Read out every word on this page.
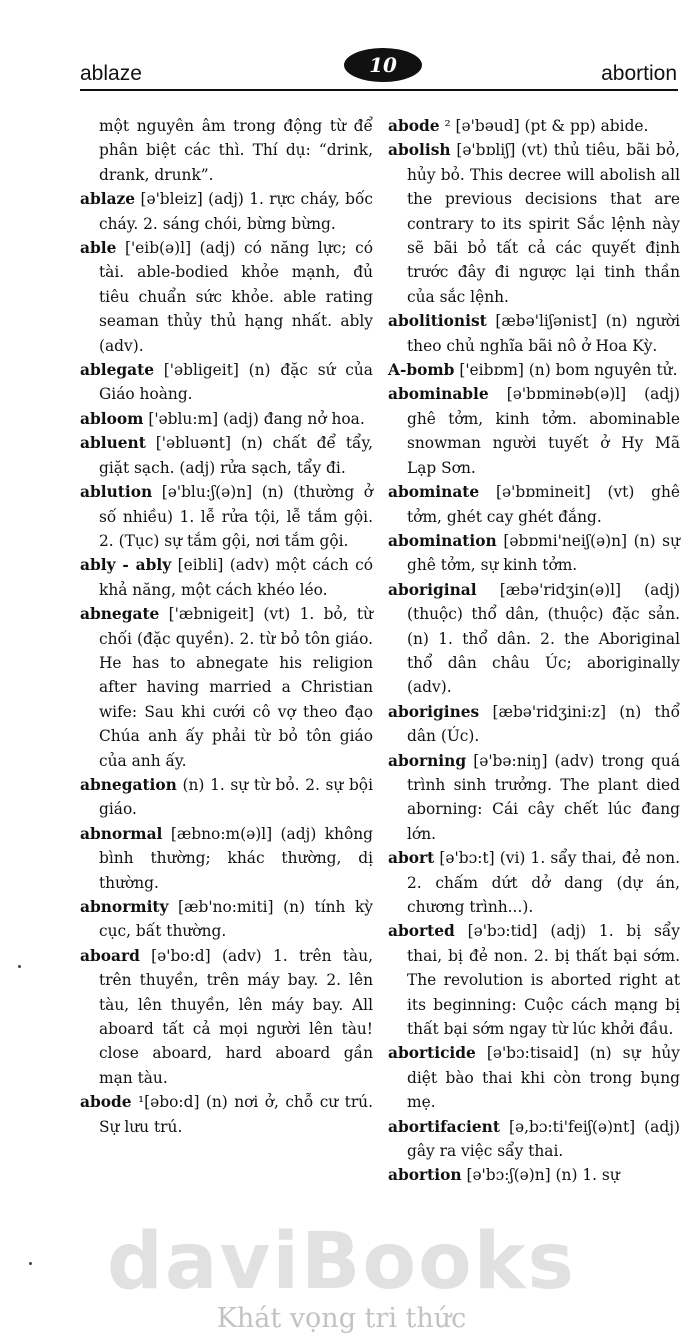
ablaze	10	abortion

một nguyên âm trong động từ để phân biệt các thì. Thí dụ: “drink, drank, drunk”.

ablaze [ə'bleiz] (adj) 1. rực cháy, bốc cháy. 2. sáng chói, bừng bừng.

able ['eib(ə)l] (adj) có năng lực; có tài. able-bodied khỏe mạnh, đủ tiêu chuẩn sức khỏe. able rating seaman thủy thủ hạng nhất. ably (adv).

ablegate ['əbligeit] (n) đặc sứ của Giáo hoàng.

abloom ['əblu:m] (adj) đang nở hoa.

abluent ['əbluənt] (n) chất để tẩy, giặt sạch. (adj) rửa sạch, tẩy đi.

ablution [ə'blu:ʃ(ə)n] (n) (thường ở số nhiều) 1. lễ rửa tội, lễ tắm gội. 2. (Tục) sự tắm gội, nơi tắm gội.

ably - ably [eibli] (adv) một cách có khả năng, một cách khéo léo.

abnegate ['æbnigeit] (vt) 1. bỏ, từ chối (đặc quyền). 2. từ bỏ tôn giáo. He has to abnegate his religion after having married a Christian wife: Sau khi cưới cô vợ theo đạo Chúa anh ấy phải từ bỏ tôn giáo của anh ấy.

abnegation (n) 1. sự từ bỏ. 2. sự bội giáo.

abnormal [æbno:m(ə)l] (adj) không bình thường; khác thường, dị thường.

abnormity [æb'no:miti] (n) tính kỳ cục, bất thường.

aboard [ə'bo:d] (adv) 1. trên tàu, trên thuyền, trên máy bay. 2. lên tàu, lên thuyền, lên máy bay. All aboard tất cả mọi người lên tàu! close aboard, hard aboard gần mạn tàu.

abode ¹[əbo:d] (n) nơi ở, chỗ cư trú. Sự lưu trú.

abode ² [ə'bəud] (pt & pp) abide.

abolish [ə'bɒliʃ] (vt) thủ tiêu, bãi bỏ, hủy bỏ. This decree will abolish all the previous decisions that are contrary to its spirit Sắc lệnh này sẽ bãi bỏ tất cả các quyết định trước đây đi ngược lại tinh thần của sắc lệnh.

abolitionist [æbə'liʃənist] (n) người theo chủ nghĩa bãi nô ở Hoa Kỳ.

A-bomb ['eibɒm] (n) bom nguyên tử.

abominable [ə'bɒminəb(ə)l] (adj) ghê tởm, kinh tởm. abominable snowman người tuyết ở Hy Mã Lạp Sơn.

abominate [ə'bɒmineit] (vt) ghê tởm, ghét cay ghét đắng.

abomination [əbɒmi'neiʃ(ə)n] (n) sự ghê tởm, sự kinh tởm.

aboriginal [æbə'ridʒin(ə)l] (adj) (thuộc) thổ dân, (thuộc) đặc sản. (n) 1. thổ dân. 2. the Aboriginal thổ dân châu Úc; aboriginally (adv).

aborigines [æbə'ridʒini:z] (n) thổ dân (Úc).

aborning [ə'bə:niŋ] (adv) trong quá trình sinh trưởng. The plant died aborning: Cái cây chết lúc đang lớn.

abort [ə'bɔ:t] (vi) 1. sẩy thai, đẻ non. 2. chấm dứt dở dang (dự án, chương trình...).

aborted [ə'bɔ:tid] (adj) 1. bị sẩy thai, bị đẻ non. 2. bị thất bại sớm. The revolution is aborted right at its beginning: Cuộc cách mạng bị thất bại sớm ngay từ lúc khởi đầu.

aborticide [ə'bɔ:tisaid] (n) sự hủy diệt bào thai khi còn trong bụng mẹ.

abortifacient [ə,bɔ:ti'feiʃ(ə)nt] (adj) gây ra việc sẩy thai.

abortion [ə'bɔ:ʃ(ə)n] (n) 1. sự

daviBooks
Khát vọng tri thức
